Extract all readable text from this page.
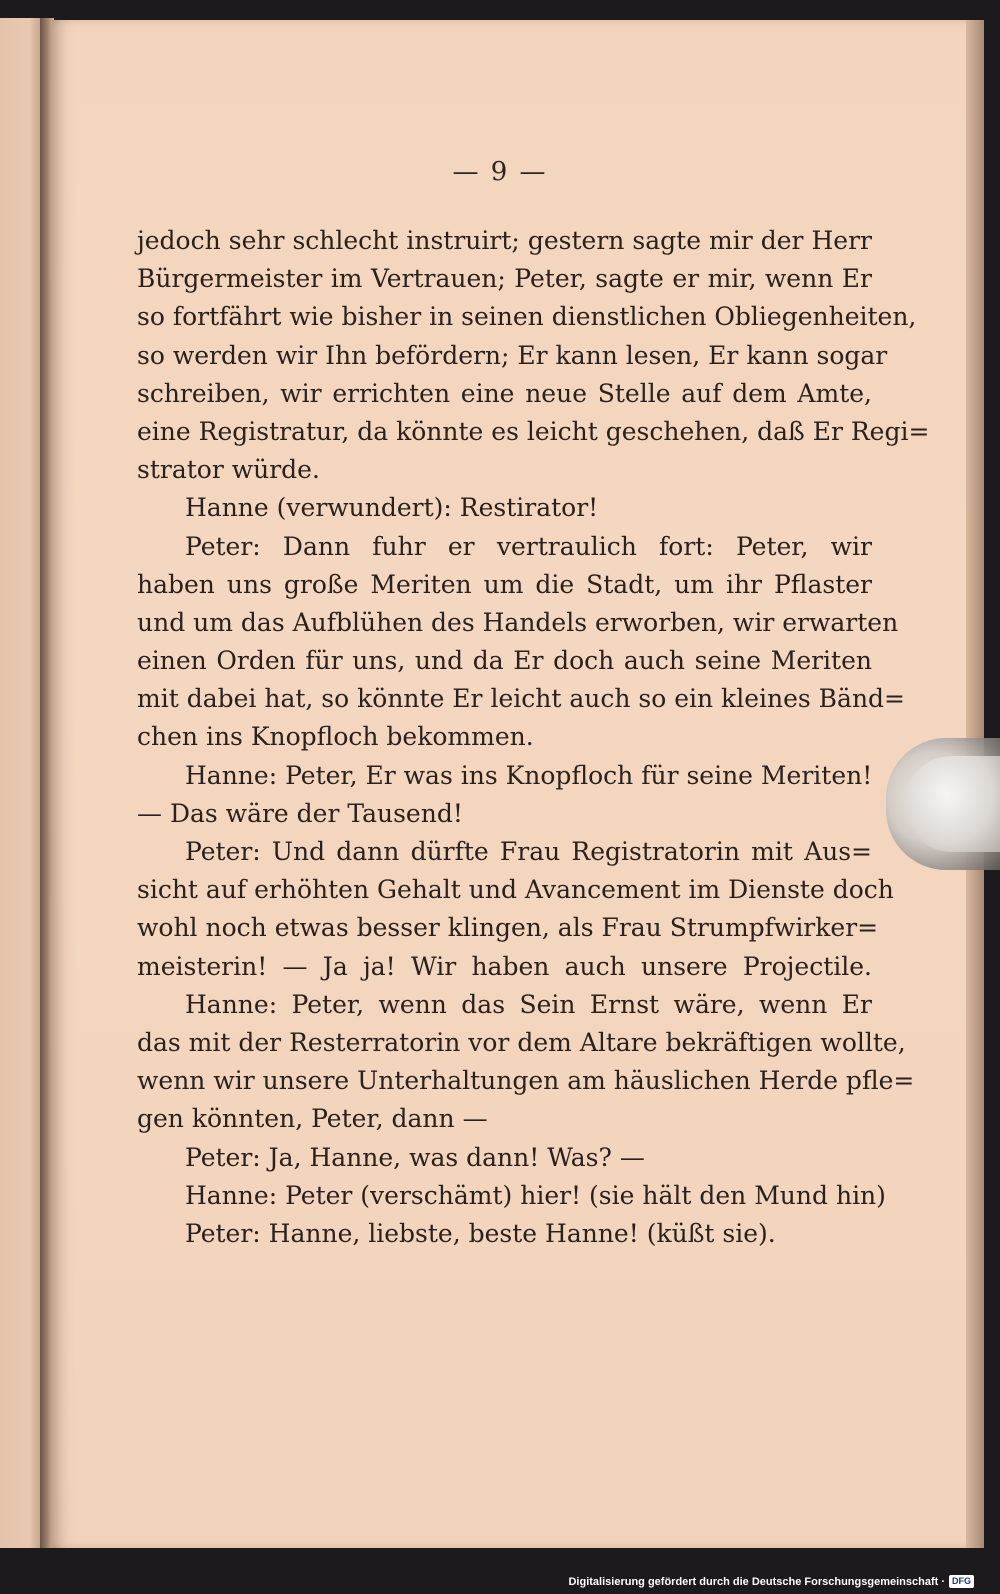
— 9 —
jedoch sehr schlecht instruirt; gestern sagte mir der Herr
Bürgermeister im Vertrauen; Peter, sagte er mir, wenn Er
so fortfährt wie bisher in seinen dienstlichen Obliegenheiten,
so werden wir Ihn befördern; Er kann lesen, Er kann sogar
schreiben, wir errichten eine neue Stelle auf dem Amte,
eine Registratur, da könnte es leicht geschehen, daß Er Regi=
strator würde.
Hanne (verwundert): Restirator!
Peter: Dann fuhr er vertraulich fort: Peter, wir
haben uns große Meriten um die Stadt, um ihr Pflaster
und um das Aufblühen des Handels erworben, wir erwarten
einen Orden für uns, und da Er doch auch seine Meriten
mit dabei hat, so könnte Er leicht auch so ein kleines Bänd=
chen ins Knopfloch bekommen.
Hanne: Peter, Er was ins Knopfloch für seine Meriten!
— Das wäre der Tausend!
Peter: Und dann dürfte Frau Registratorin mit Aus=
sicht auf erhöhten Gehalt und Avancement im Dienste doch
wohl noch etwas besser klingen, als Frau Strumpfwirker=
meisterin! — Ja ja! Wir haben auch unsere Projectile.
Hanne: Peter, wenn das Sein Ernst wäre, wenn Er
das mit der Resterratorin vor dem Altare bekräftigen wollte,
wenn wir unsere Unterhaltungen am häuslichen Herde pfle=
gen könnten, Peter, dann —
Peter: Ja, Hanne, was dann! Was? —
Hanne: Peter (verschämt) hier! (sie hält den Mund hin)
Peter: Hanne, liebste, beste Hanne! (küßt sie).
Digitalisierung gefördert durch die Deutsche Forschungsgemeinschaft · DFG
